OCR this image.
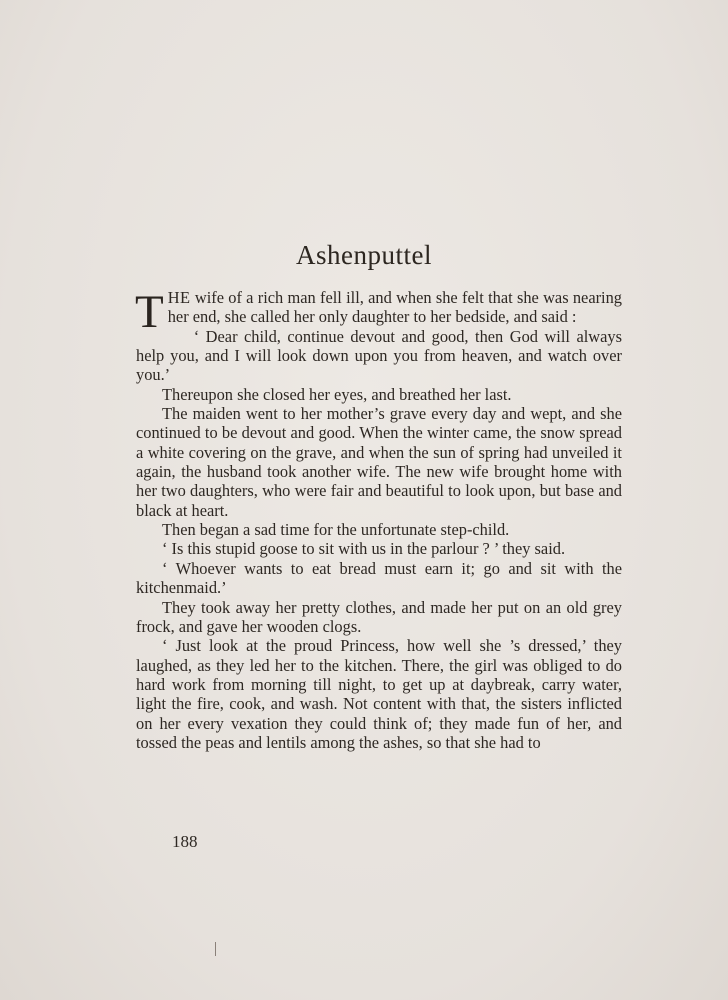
Ashenputtel

THE wife of a rich man fell ill, and when she felt that she was nearing her end, she called her only daughter to her bedside, and said :

‘ Dear child, continue devout and good, then God will always help you, and I will look down upon you from heaven, and watch over you.’

Thereupon she closed her eyes, and breathed her last.

The maiden went to her mother’s grave every day and wept, and she continued to be devout and good. When the winter came, the snow spread a white covering on the grave, and when the sun of spring had unveiled it again, the husband took another wife. The new wife brought home with her two daughters, who were fair and beautiful to look upon, but base and black at heart.

Then began a sad time for the unfortunate step-child.

‘ Is this stupid goose to sit with us in the parlour ? ’ they said.

‘ Whoever wants to eat bread must earn it; go and sit with the kitchenmaid.’

They took away her pretty clothes, and made her put on an old grey frock, and gave her wooden clogs.

‘ Just look at the proud Princess, how well she ’s dressed,’ they laughed, as they led her to the kitchen. There, the girl was obliged to do hard work from morning till night, to get up at daybreak, carry water, light the fire, cook, and wash. Not content with that, the sisters inflicted on her every vexation they could think of; they made fun of her, and tossed the peas and lentils among the ashes, so that she had to

188
